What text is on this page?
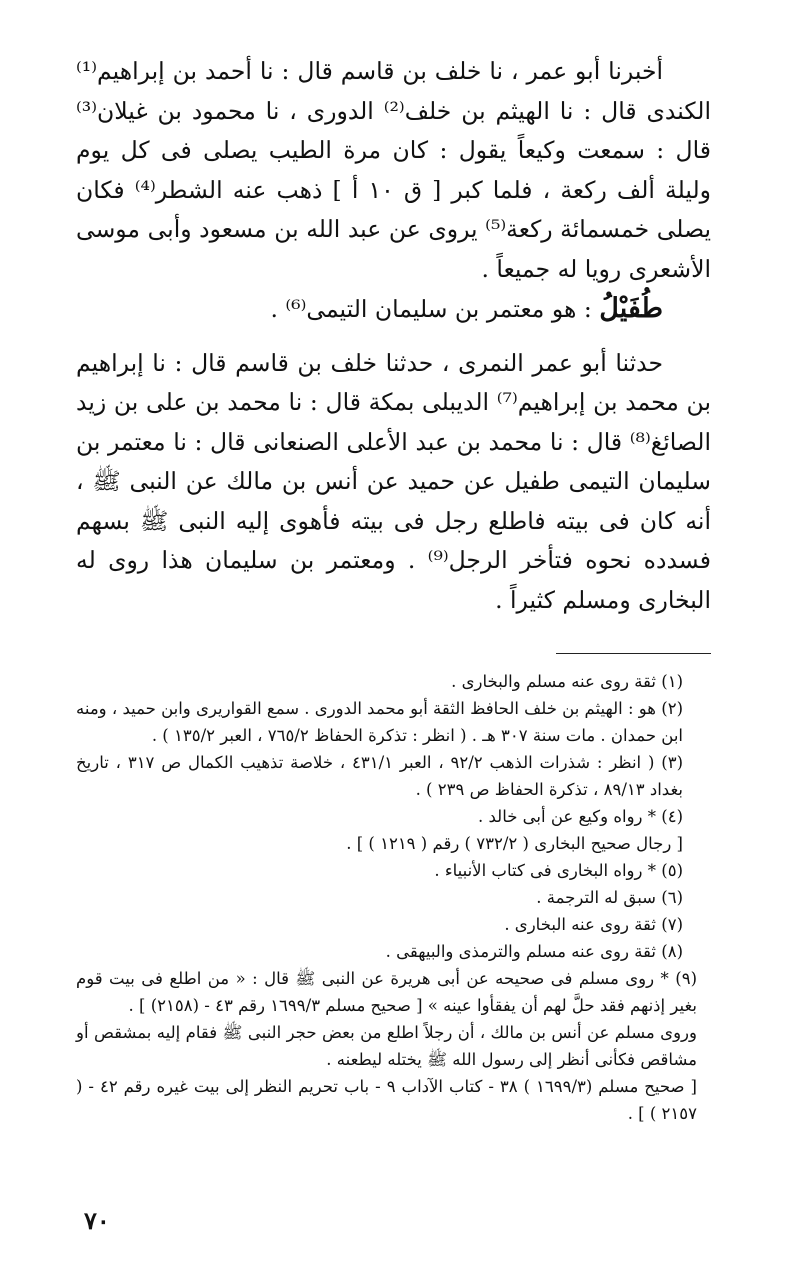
أخبرنا أبو عمر ، نا خلف بن قاسم قال : نا أحمد بن إبراهيم⁽¹⁾ الكندى قال : نا الهيثم بن خلف⁽²⁾ الدورى ، نا محمود بن غيلان⁽³⁾ قال : سمعت وكيعاً يقول : كان مرة الطيب يصلى فى كل يوم وليلة ألف ركعة ، فلما كبر [ ق ١٠ أ ] ذهب عنه الشطر⁽⁴⁾ فكان يصلى خمسمائة ركعة⁽⁵⁾ يروى عن عبد الله بن مسعود وأبى موسى الأشعرى رويا له جميعاً .

طُفَيْلُ : هو معتمر بن سليمان التيمى⁽⁶⁾ .

حدثنا أبو عمر النمرى ، حدثنا خلف بن قاسم قال : نا إبراهيم بن محمد بن إبراهيم⁽⁷⁾ الديبلى بمكة قال : نا محمد بن على بن زيد الصائغ⁽⁸⁾ قال : نا محمد بن عبد الأعلى الصنعانى قال : نا معتمر بن سليمان التيمى طفيل عن حميد عن أنس بن مالك عن النبى ﷺ ، أنه كان فى بيته فاطلع رجل فى بيته فأهوى إليه النبى ﷺ بسهم فسدده نحوه فتأخر الرجل⁽⁹⁾ . ومعتمر بن سليمان هذا روى له البخارى ومسلم كثيراً .

(١) ثقة روى عنه مسلم والبخارى .

(٢) هو : الهيثم بن خلف الحافظ الثقة أبو محمد الدورى . سمع القواريرى وابن حميد ، ومنه ابن حمدان . مات سنة ٣٠٧ هـ . ( انظر : تذكرة الحفاظ ٧٦٥/٢ ، العبر ١٣٥/٢ ) .

(٣) ( انظر : شذرات الذهب ٩٢/٢ ، العبر ٤٣١/١ ، خلاصة تذهيب الكمال ص ٣١٧ ، تاريخ بغداد ٨٩/١٣ ، تذكرة الحفاظ ص ٢٣٩ ) .

(٤) * رواه وكيع عن أبى خالد .

[ رجال صحيح البخارى ( ٧٣٢/٢ ) رقم ( ١٢١٩ ) ] .

(٥) * رواه البخارى فى كتاب الأنبياء .

(٦) سبق له الترجمة .

(٧) ثقة روى عنه البخارى .

(٨) ثقة روى عنه مسلم والترمذى والبيهقى .

(٩) * روى مسلم فى صحيحه عن أبى هريرة عن النبى ﷺ قال : « من اطلع فى بيت قوم بغير إذنهم فقد حلَّ لهم أن يفقأوا عينه » [ صحيح مسلم ١٦٩٩/٣ رقم ٤٣ - (٢١٥٨) ] .

وروى مسلم عن أنس بن مالك ، أن رجلاً اطلع من بعض حجر النبى ﷺ فقام إليه بمشقص أو مشاقص فكأنى أنظر إلى رسول الله ﷺ يختله ليطعنه .

[ صحيح مسلم (١٦٩٩/٣ ) ٣٨ - كتاب الآداب ٩ - باب تحريم النظر إلى بيت غيره رقم ٤٢ - ( ٢١٥٧ ) ] .

٧٠
